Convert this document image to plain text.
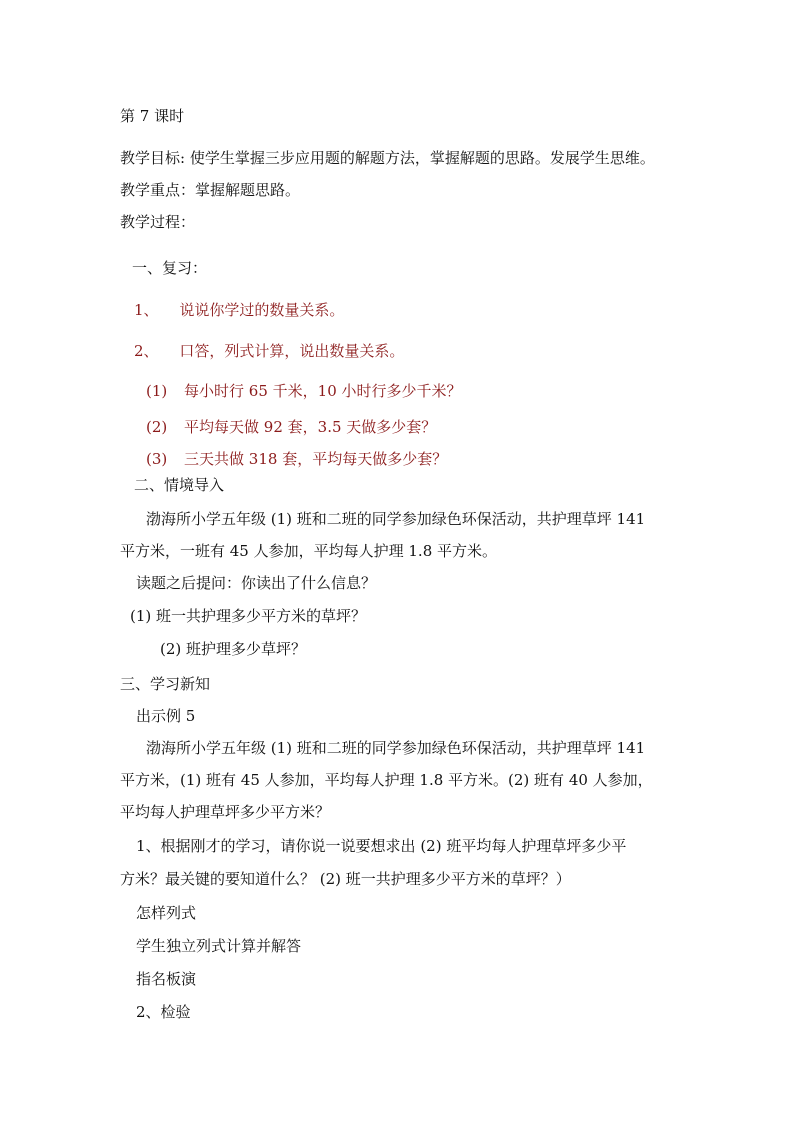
第 7 课时
教学目标: 使学生掌握三步应用题的解题方法，掌握解题的思路。发展学生思维。
教学重点：掌握解题思路。
教学过程：
一、复习：
1、 说说你学过的数量关系。
2、 口答，列式计算，说出数量关系。
(1) 每小时行 65 千米，10 小时行多少千米？
(2) 平均每天做 92 套，3.5 天做多少套？
(3) 三天共做 318 套，平均每天做多少套？
二、情境导入
渤海所小学五年级 (1) 班和二班的同学参加绿色环保活动，共护理草坪 141
平方米，一班有 45 人参加，平均每人护理 1.8 平方米。
读题之后提问：你读出了什么信息？
(1) 班一共护理多少平方米的草坪？
(2) 班护理多少草坪？
三、学习新知
出示例 5
渤海所小学五年级 (1) 班和二班的同学参加绿色环保活动，共护理草坪 141
平方米，(1) 班有 45 人参加，平均每人护理 1.8 平方米。(2) 班有 40 人参加，
平均每人护理草坪多少平方米？
1、根据刚才的学习，请你说一说要想求出 (2) 班平均每人护理草坪多少平
方米？最关键的要知道什么？ (2) 班一共护理多少平方米的草坪？）
怎样列式
学生独立列式计算并解答
指名板演
2、检验
